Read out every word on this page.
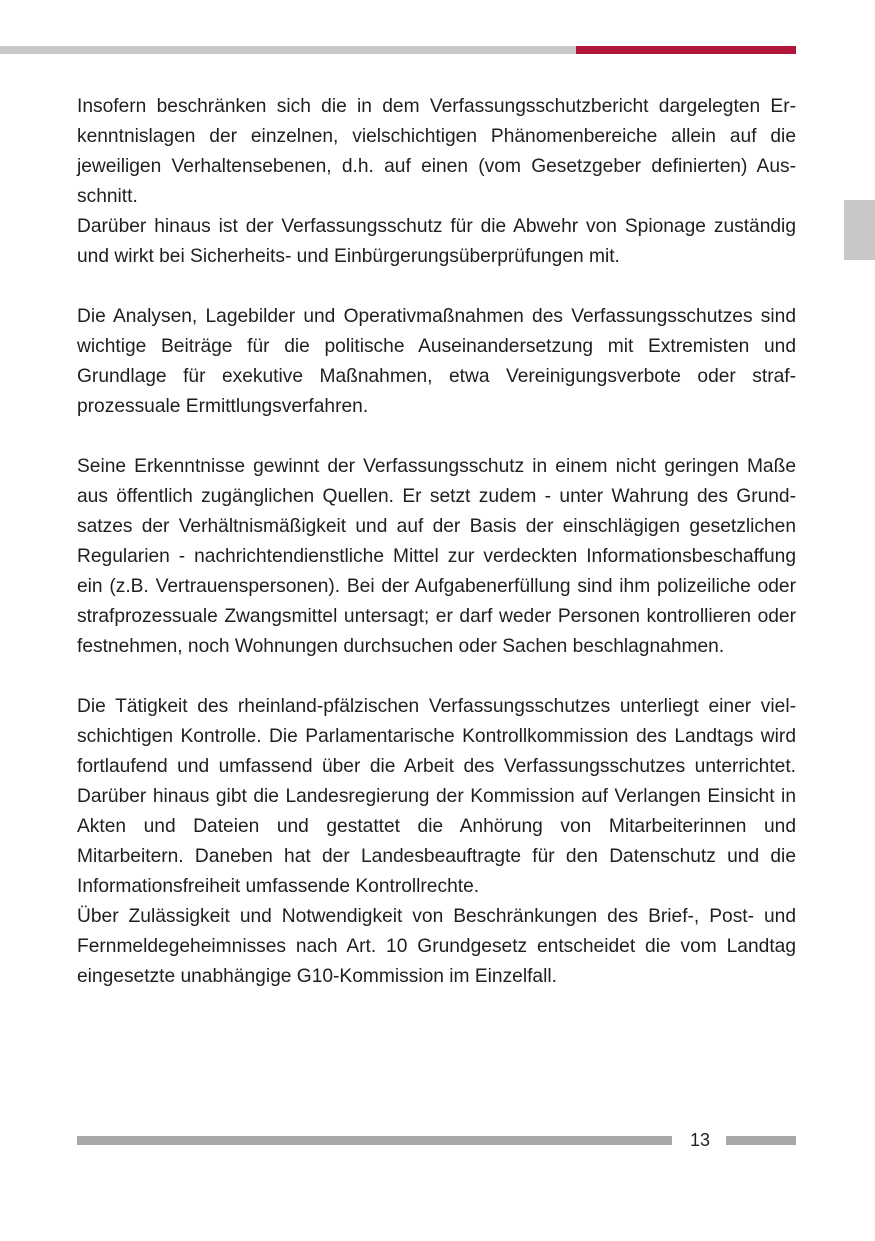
Insofern beschränken sich die in dem Verfassungsschutzbericht dargelegten Erkenntnislagen der einzelnen, vielschichtigen Phänomenbereiche allein auf die jeweiligen Verhaltensebenen, d.h. auf einen (vom Gesetzgeber definierten) Ausschnitt.

Darüber hinaus ist der Verfassungsschutz für die Abwehr von Spionage zuständig und wirkt bei Sicherheits- und Einbürgerungsüberprüfungen mit.

Die Analysen, Lagebilder und Operativmaßnahmen des Verfassungsschutzes sind wichtige Beiträge für die politische Auseinandersetzung mit Extremisten und Grundlage für exekutive Maßnahmen, etwa Vereinigungsverbote oder strafprozessuale Ermittlungsverfahren.

Seine Erkenntnisse gewinnt der Verfassungsschutz in einem nicht geringen Maße aus öffentlich zugänglichen Quellen. Er setzt zudem - unter Wahrung des Grundsatzes der Verhältnismäßigkeit und auf der Basis der einschlägigen gesetzlichen Regularien - nachrichtendienstliche Mittel zur verdeckten Informationsbeschaffung ein (z.B. Vertrauenspersonen). Bei der Aufgabenerfüllung sind ihm polizeiliche oder strafprozessuale Zwangsmittel untersagt; er darf weder Personen kontrollieren oder festnehmen, noch Wohnungen durchsuchen oder Sachen beschlagnahmen.

Die Tätigkeit des rheinland-pfälzischen Verfassungsschutzes unterliegt einer vielschichtigen Kontrolle. Die Parlamentarische Kontrollkommission des Landtags wird fortlaufend und umfassend über die Arbeit des Verfassungsschutzes unterrichtet. Darüber hinaus gibt die Landesregierung der Kommission auf Verlangen Einsicht in Akten und Dateien und gestattet die Anhörung von Mitarbeiterinnen und Mitarbeitern. Daneben hat der Landesbeauftragte für den Datenschutz und die Informationsfreiheit umfassende Kontrollrechte.

Über Zulässigkeit und Notwendigkeit von Beschränkungen des Brief-, Post- und Fernmeldegeheimnisses nach Art. 10 Grundgesetz entscheidet die vom Landtag eingesetzte unabhängige G10-Kommission im Einzelfall.

13
